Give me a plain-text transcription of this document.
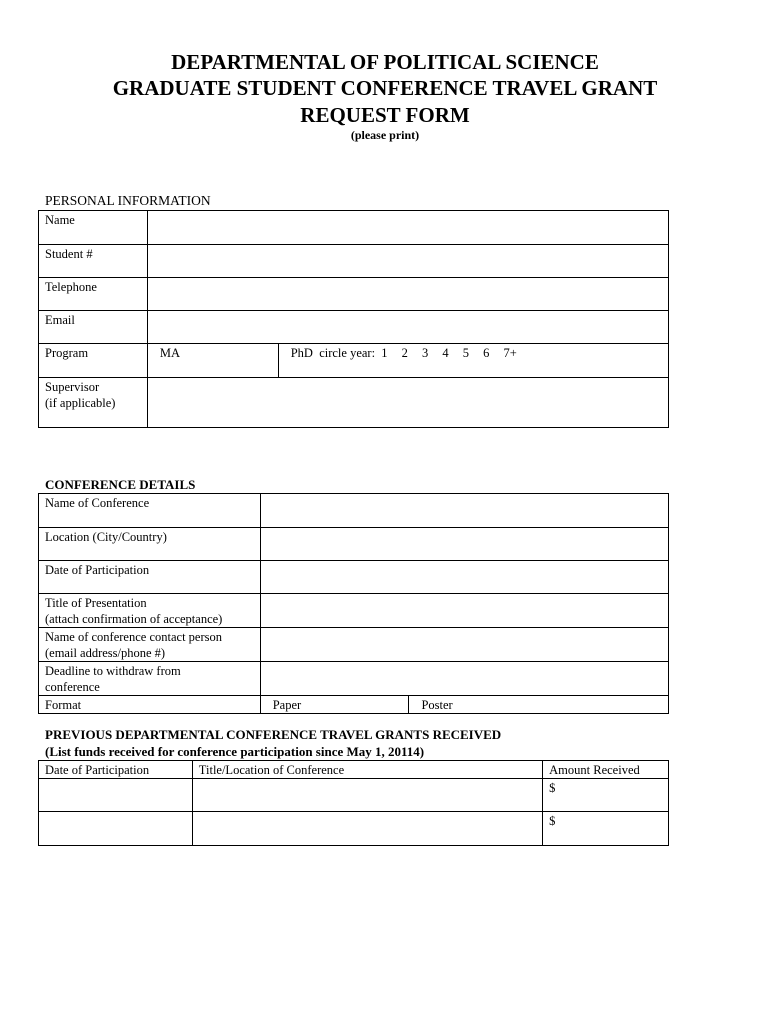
DEPARTMENTAL OF POLITICAL SCIENCE
GRADUATE STUDENT CONFERENCE TRAVEL GRANT
REQUEST FORM
(please print)
PERSONAL INFORMATION
Name		
Student #		
Telephone		
Email		
Program	MA	PhD circle year: 1 2 3 4 5 6 7+
Supervisor
(if applicable)		
CONFERENCE DETAILS
Name of Conference		
Location (City/Country)		
Date of Participation		
Title of Presentation
(attach confirmation of acceptance)		
Name of conference contact person
(email address/phone #)		
Deadline to withdraw from
conference		
Format	Paper	Poster
PREVIOUS DEPARTMENTAL CONFERENCE TRAVEL GRANTS RECEIVED
(List funds received for conference participation since May 1, 20114)
Date of Participation	Title/Location of Conference	Amount Received
		$
		$
